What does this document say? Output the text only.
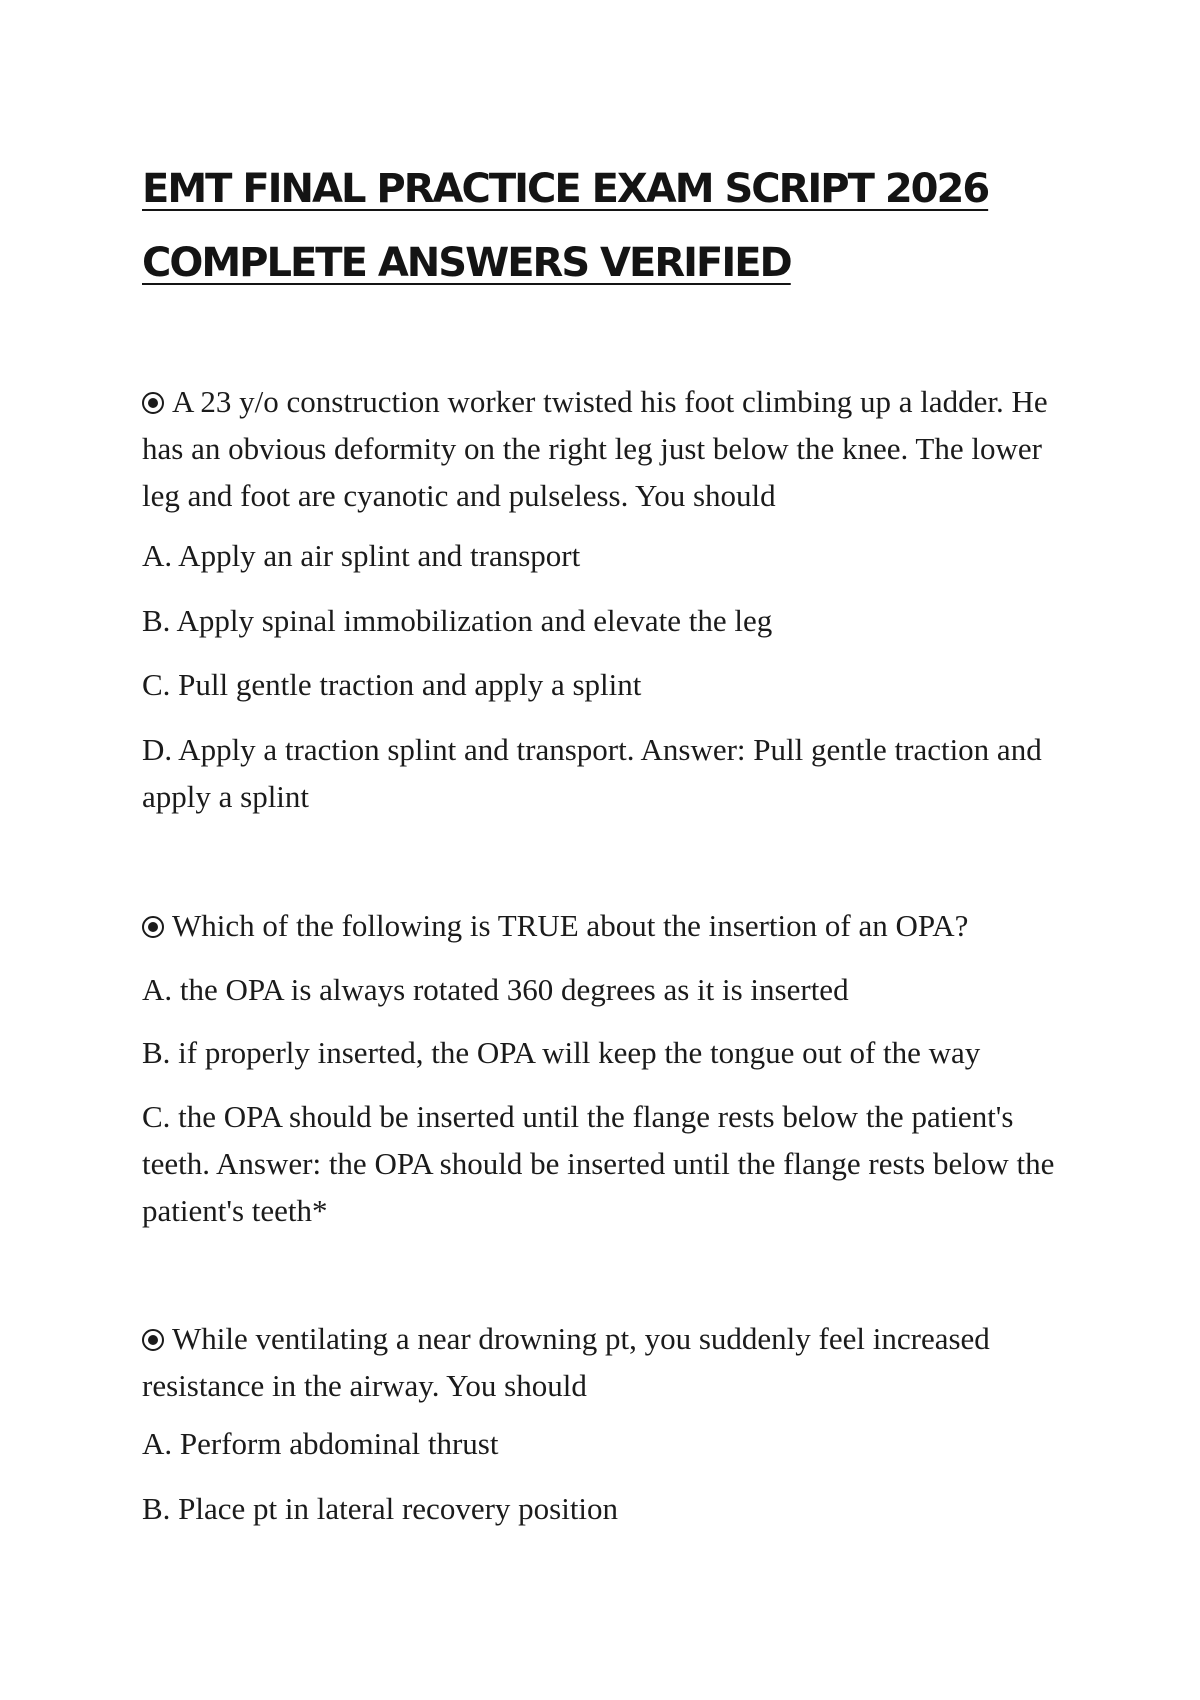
EMT FINAL PRACTICE EXAM SCRIPT 2026
COMPLETE ANSWERS VERIFIED

A 23 y/o construction worker twisted his foot climbing up a ladder. He has an obvious deformity on the right leg just below the knee. The lower leg and foot are cyanotic and pulseless. You should

A. Apply an air splint and transport

B. Apply spinal immobilization and elevate the leg

C. Pull gentle traction and apply a splint

D. Apply a traction splint and transport. Answer: Pull gentle traction and apply a splint

Which of the following is TRUE about the insertion of an OPA?

A. the OPA is always rotated 360 degrees as it is inserted

B. if properly inserted, the OPA will keep the tongue out of the way

C. the OPA should be inserted until the flange rests below the patient's teeth. Answer: the OPA should be inserted until the flange rests below the patient's teeth*

While ventilating a near drowning pt, you suddenly feel increased resistance in the airway. You should

A. Perform abdominal thrust

B. Place pt in lateral recovery position
